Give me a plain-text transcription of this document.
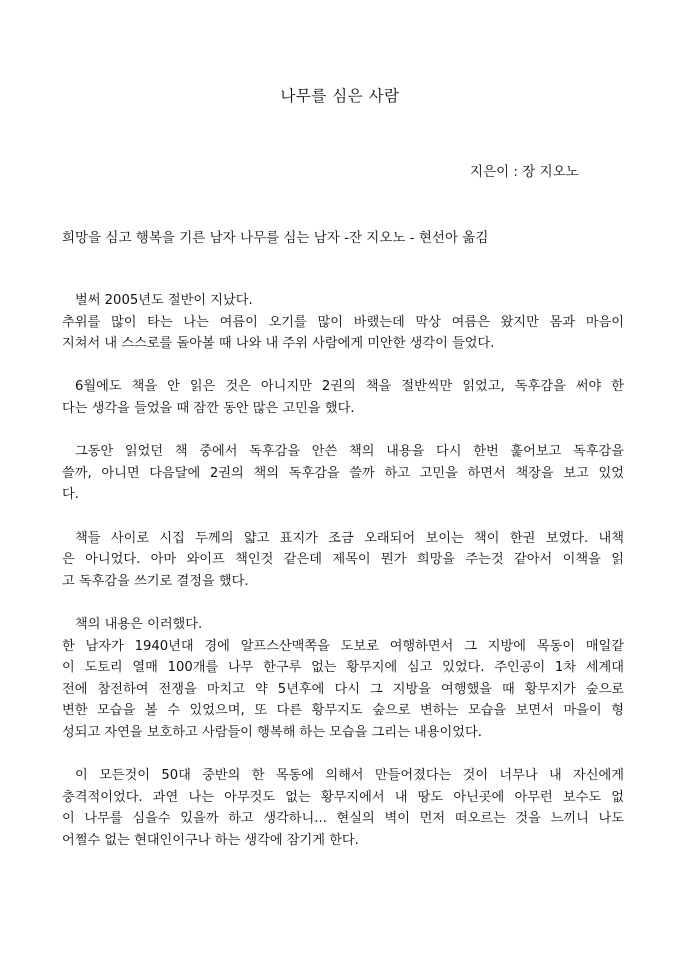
나무를 심은 사람
지은이 : 장 지오노
희망을 심고 행복을 기른 남자 나무를 심는 남자 -잔 지오노 - 현선아 옮김
벌써 2005년도 절반이 지났다.
추위를 많이 타는 나는 여름이 오기를 많이 바랬는데 막상 여름은 왔지만 몸과 마음이
지쳐서 내 스스로를 돌아볼 때 나와 내 주위 사람에게 미안한 생각이 들었다.
6월에도 책을 안 읽은 것은 아니지만 2권의 책을 절반씩만 읽었고, 독후감을 써야 한
다는 생각을 들었을 때 잠깐 동안 많은 고민을 했다.
그동안 읽었던 책 중에서 독후감을 안쓴 책의 내용을 다시 한번 훑어보고 독후감을
쓸까, 아니면 다음달에 2권의 책의 독후감을 쓸까 하고 고민을 하면서 책장을 보고 있었
다.
책들 사이로 시집 두께의 얇고 표지가 조금 오래되어 보이는 책이 한권 보였다. 내책
은 아니었다. 아마 와이프 책인것 같은데 제목이 뭔가 희망을 주는것 같아서 이책을 읽
고 독후감을 쓰기로 결정을 했다.
책의 내용은 이러했다.
한 남자가 1940년대 경에 알프스산맥쪽을 도보로 여행하면서 그 지방에 목동이 매일같
이 도토리 열매 100개를 나무 한구루 없는 황무지에 심고 있었다. 주인공이 1차 세계대
전에 참전하여 전쟁을 마치고 약 5년후에 다시 그 지방을 여행했을 때 황무지가 숲으로
변한 모습을 볼 수 있었으며, 또 다른 황무지도 숲으로 변하는 모습을 보면서 마을이 형
성되고 자연을 보호하고 사람들이 행복해 하는 모습을 그리는 내용이었다.
이 모든것이 50대 중반의 한 목동에 의해서 만들어졌다는 것이 너무나 내 자신에게
충격적이었다. 과연 나는 아무것도 없는 황무지에서 내 땅도 아닌곳에 아무런 보수도 없
이 나무를 심을수 있을까 하고 생각하니... 현실의 벽이 먼저 떠오르는 것을 느끼니 나도
어쩔수 없는 현대인이구나 하는 생각에 잠기게 한다.
